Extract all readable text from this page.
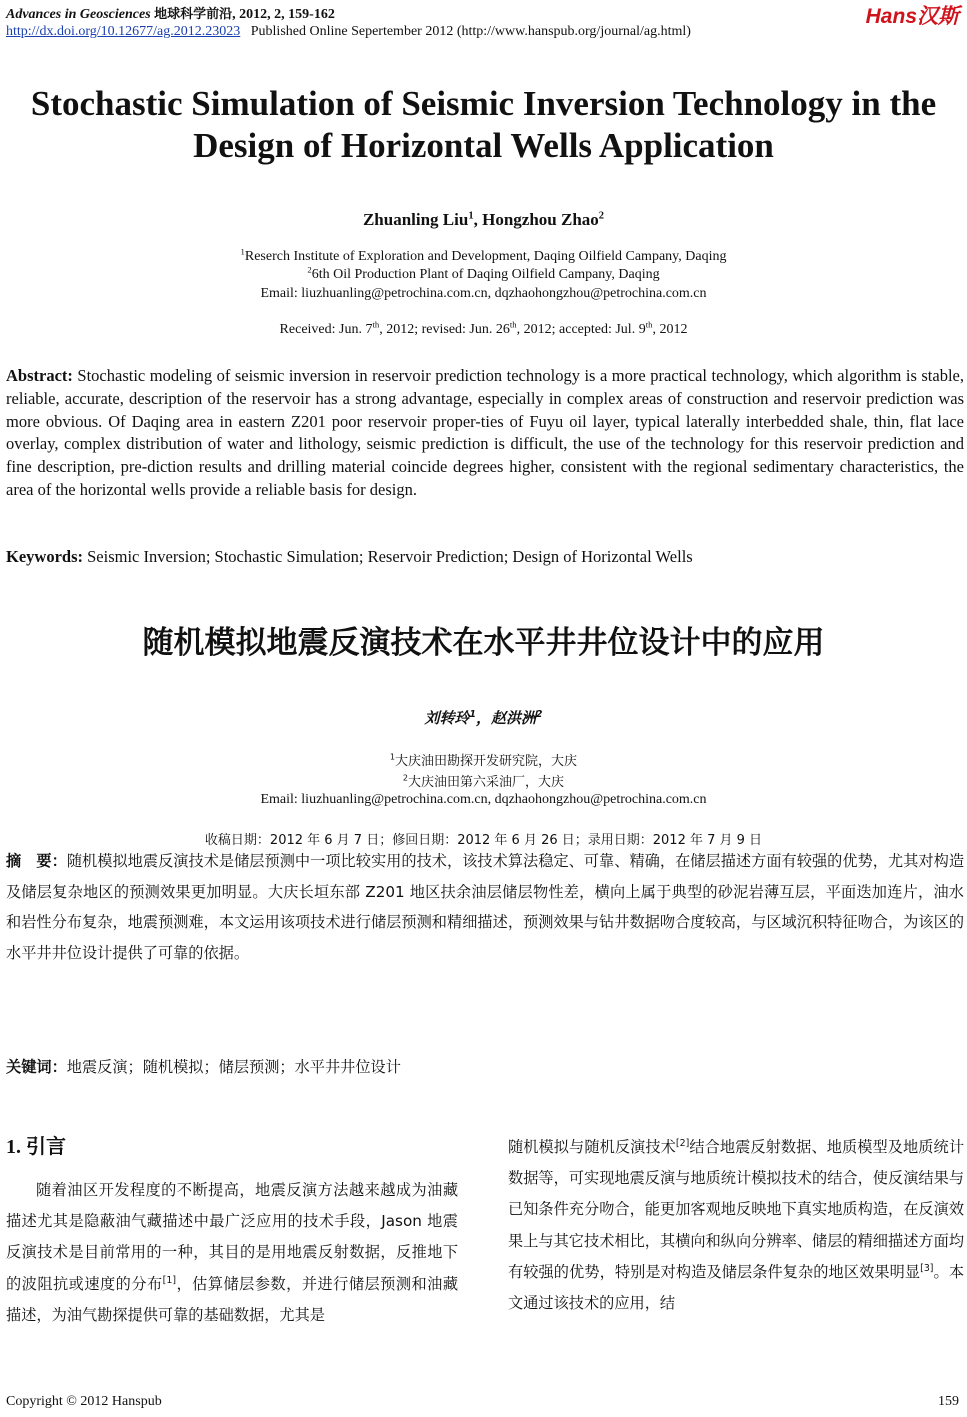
Advances in Geosciences 地球科学前沿, 2012, 2, 159-162
http://dx.doi.org/10.12677/ag.2012.23023 Published Online Sepertember 2012 (http://www.hanspub.org/journal/ag.html)
Hans汉斯
Stochastic Simulation of Seismic Inversion Technology in the
Design of Horizontal Wells Application
Zhuanling Liu$^1$, Hongzhou Zhao$^2$
$^1$Reserch Institute of Exploration and Development, Daqing Oilfield Campany, Daqing
$^2$6th Oil Production Plant of Daqing Oilfield Campany, Daqing
Email: liuzhuanling@petrochina.com.cn, dqzhaohongzhou@petrochina.com.cn
Received: Jun. 7th, 2012; revised: Jun. 26th, 2012; accepted: Jul. 9th, 2012
Abstract: Stochastic modeling of seismic inversion in reservoir prediction technology is a more practical technology, which algorithm is stable, reliable, accurate, description of the reservoir has a strong advantage, especially in complex areas of construction and reservoir prediction was more obvious. Of Daqing area in eastern Z201 poor reservoir proper-ties of Fuyu oil layer, typical laterally interbedded shale, thin, flat lace overlay, complex distribution of water and lithology, seismic prediction is difficult, the use of the technology for this reservoir prediction and fine description, pre-diction results and drilling material coincide degrees higher, consistent with the regional sedimentary characteristics, the area of the horizontal wells provide a reliable basis for design.
Keywords: Seismic Inversion; Stochastic Simulation; Reservoir Prediction; Design of Horizontal Wells
随机模拟地震反演技术在水平井井位设计中的应用
刘转玲$^1$，赵洪洲$^2$
$^1$大庆油田勘探开发研究院，大庆
$^2$大庆油田第六采油厂，大庆
Email: liuzhuanling@petrochina.com.cn, dqzhaohongzhou@petrochina.com.cn
收稿日期：2012 年 6 月 7 日；修回日期：2012 年 6 月 26 日；录用日期：2012 年 7 月 9 日
摘　要：随机模拟地震反演技术是储层预测中一项比较实用的技术，该技术算法稳定、可靠、精确，在储层描述方面有较强的优势，尤其对构造及储层复杂地区的预测效果更加明显。大庆长垣东部 Z201 地区扶余油层储层物性差，横向上属于典型的砂泥岩薄互层，平面迭加连片，油水和岩性分布复杂，地震预测难，本文运用该项技术进行储层预测和精细描述，预测效果与钻井数据吻合度较高，与区域沉积特征吻合，为该区的水平井井位设计提供了可靠的依据。
关键词：地震反演；随机模拟；储层预测；水平井井位设计
1. 引言
随着油区开发程度的不断提高，地震反演方法越来越成为油藏描述尤其是隐蔽油气藏描述中最广泛应用的技术手段，Jason 地震反演技术是目前常用的一种，其目的是用地震反射数据，反推地下的波阻抗或速度的分布[1]，估算储层参数，并进行储层预测和油藏描述，为油气勘探提供可靠的基础数据，尤其是
随机模拟与随机反演技术[2]结合地震反射数据、地质模型及地质统计数据等，可实现地震反演与地质统计模拟技术的结合，使反演结果与已知条件充分吻合，能更加客观地反映地下真实地质构造，在反演效果上与其它技术相比，其横向和纵向分辨率、储层的精细描述方面均有较强的优势，特别是对构造及储层条件复杂的地区效果明显[3]。本文通过该技术的应用，结
Copyright © 2012 Hanspub	159
